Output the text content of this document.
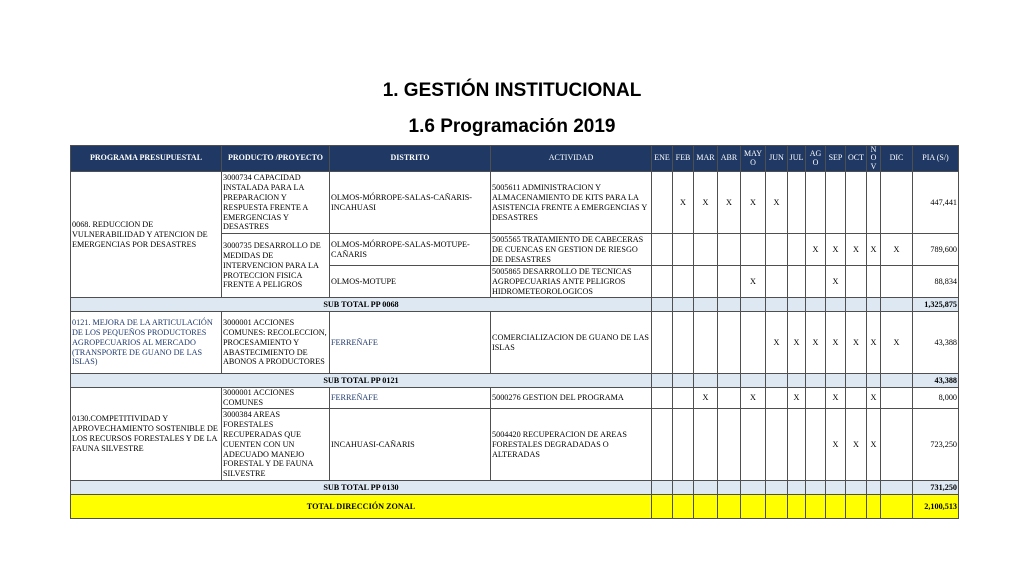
1. GESTIÓN INSTITUCIONAL
1.6 Programación 2019
PROGRAMA PRESUPUESTAL	PRODUCTO /PROYECTO	DISTRITO	ACTIVIDAD	ENE	FEB	MAR	ABR	MAYO	JUN	JUL	AGO	SEP	OCT	NOV	DIC	PIA (S/)
0068. REDUCCION DE VULNERABILIDAD Y ATENCION DE EMERGENCIAS POR DESASTRES	3000734 CAPACIDAD INSTALADA PARA LA PREPARACION Y RESPUESTA FRENTE A EMERGENCIAS Y DESASTRES	OLMOS-MÓRROPE-SALAS-CAÑARIS-INCAHUASI	5005611 ADMINISTRACION Y ALMACENAMIENTO DE KITS PARA LA ASISTENCIA FRENTE A EMERGENCIAS Y DESASTRES		X	X	X	X	X							447,441
	3000735 DESARROLLO DE MEDIDAS DE INTERVENCION PARA LA PROTECCION FISICA FRENTE A PELIGROS	OLMOS-MÓRROPE-SALAS-MOTUPE-CAÑARIS	5005565 TRATAMIENTO DE CABECERAS DE CUENCAS EN GESTION DE RIESGO DE DESASTRES								X	X	X	X	X	789,600
		OLMOS-MOTUPE	5005865 DESARROLLO DE TECNICAS AGROPECUARIAS ANTE PELIGROS HIDROMETEOROLOGICOS					X				X				88,834
SUB TOTAL PP 0068																1,325,875
0121. MEJORA DE LA ARTICULACIÓN DE LOS PEQUEÑOS PRODUCTORES AGROPECUARIOS AL MERCADO (TRANSPORTE DE GUANO DE LAS ISLAS)	3000001 ACCIONES COMUNES: RECOLECCION, PROCESAMIENTO Y ABASTECIMIENTO DE ABONOS A PRODUCTORES	FERREÑAFE	COMERCIALIZACION DE GUANO DE LAS ISLAS						X	X	X	X	X	X	X	43,388
SUB TOTAL PP 0121																43,388
0130.COMPETITIVIDAD Y APROVECHAMIENTO SOSTENIBLE DE LOS RECURSOS FORESTALES Y DE LA FAUNA SILVESTRE	3000001 ACCIONES COMUNES	FERREÑAFE	5000276 GESTION DEL PROGRAMA			X		X		X		X		X		8,000
	3000384 AREAS FORESTALES RECUPERADAS QUE CUENTEN CON UN ADECUADO MANEJO FORESTAL Y DE FAUNA SILVESTRE	INCAHUASI-CAÑARIS	5004420 RECUPERACION DE AREAS FORESTALES DEGRADADAS O ALTERADAS									X	X	X		723,250
SUB TOTAL PP 0130																731,250
TOTAL DIRECCIÓN ZONAL																2,100,513
